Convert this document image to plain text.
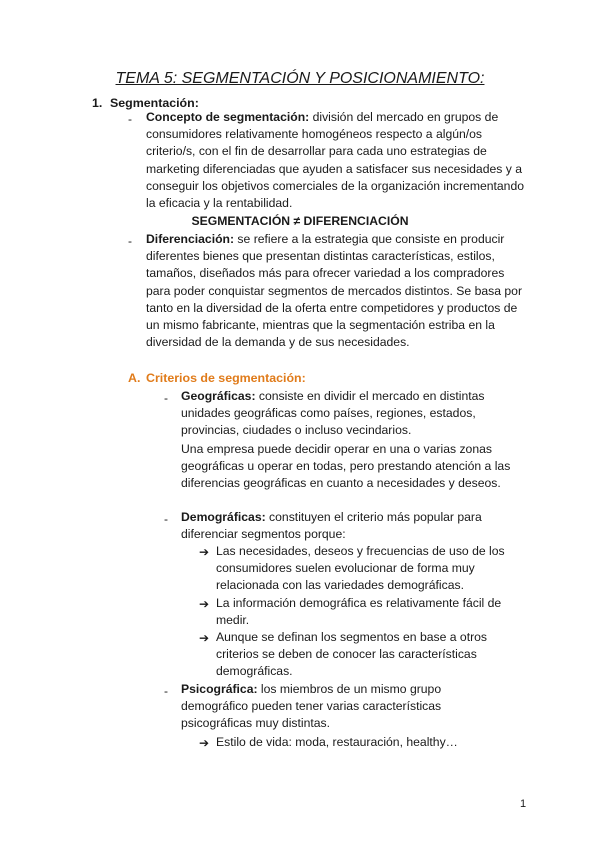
TEMA 5: SEGMENTACIÓN Y POSICIONAMIENTO:
1. Segmentación:
- Concepto de segmentación: división del mercado en grupos de consumidores relativamente homogéneos respecto a algún/os criterio/s, con el fin de desarrollar para cada uno estrategias de marketing diferenciadas que ayuden a satisfacer sus necesidades y a conseguir los objetivos comerciales de la organización incrementando la eficacia y la rentabilidad.
SEGMENTACIÓN ≠ DIFERENCIACIÓN
- Diferenciación: se refiere a la estrategia que consiste en producir diferentes bienes que presentan distintas características, estilos, tamaños, diseñados más para ofrecer variedad a los compradores para poder conquistar segmentos de mercados distintos. Se basa por tanto en la diversidad de la oferta entre competidores y productos de un mismo fabricante, mientras que la segmentación estriba en la diversidad de la demanda y de sus necesidades.
A. Criterios de segmentación:
- Geográficas: consiste en dividir el mercado en distintas unidades geográficas como países, regiones, estados, provincias, ciudades o incluso vecindarios.
Una empresa puede decidir operar en una o varias zonas geográficas u operar en todas, pero prestando atención a las diferencias geográficas en cuanto a necesidades y deseos.
- Demográficas: constituyen el criterio más popular para diferenciar segmentos porque:
➔ Las necesidades, deseos y frecuencias de uso de los consumidores suelen evolucionar de forma muy relacionada con las variedades demográficas.
➔ La información demográfica es relativamente fácil de medir.
➔ Aunque se definan los segmentos en base a otros criterios se deben de conocer las características demográficas.
- Psicográfica: los miembros de un mismo grupo demográfico pueden tener varias características psicográficas muy distintas.
➔ Estilo de vida: moda, restauración, healthy…
1
